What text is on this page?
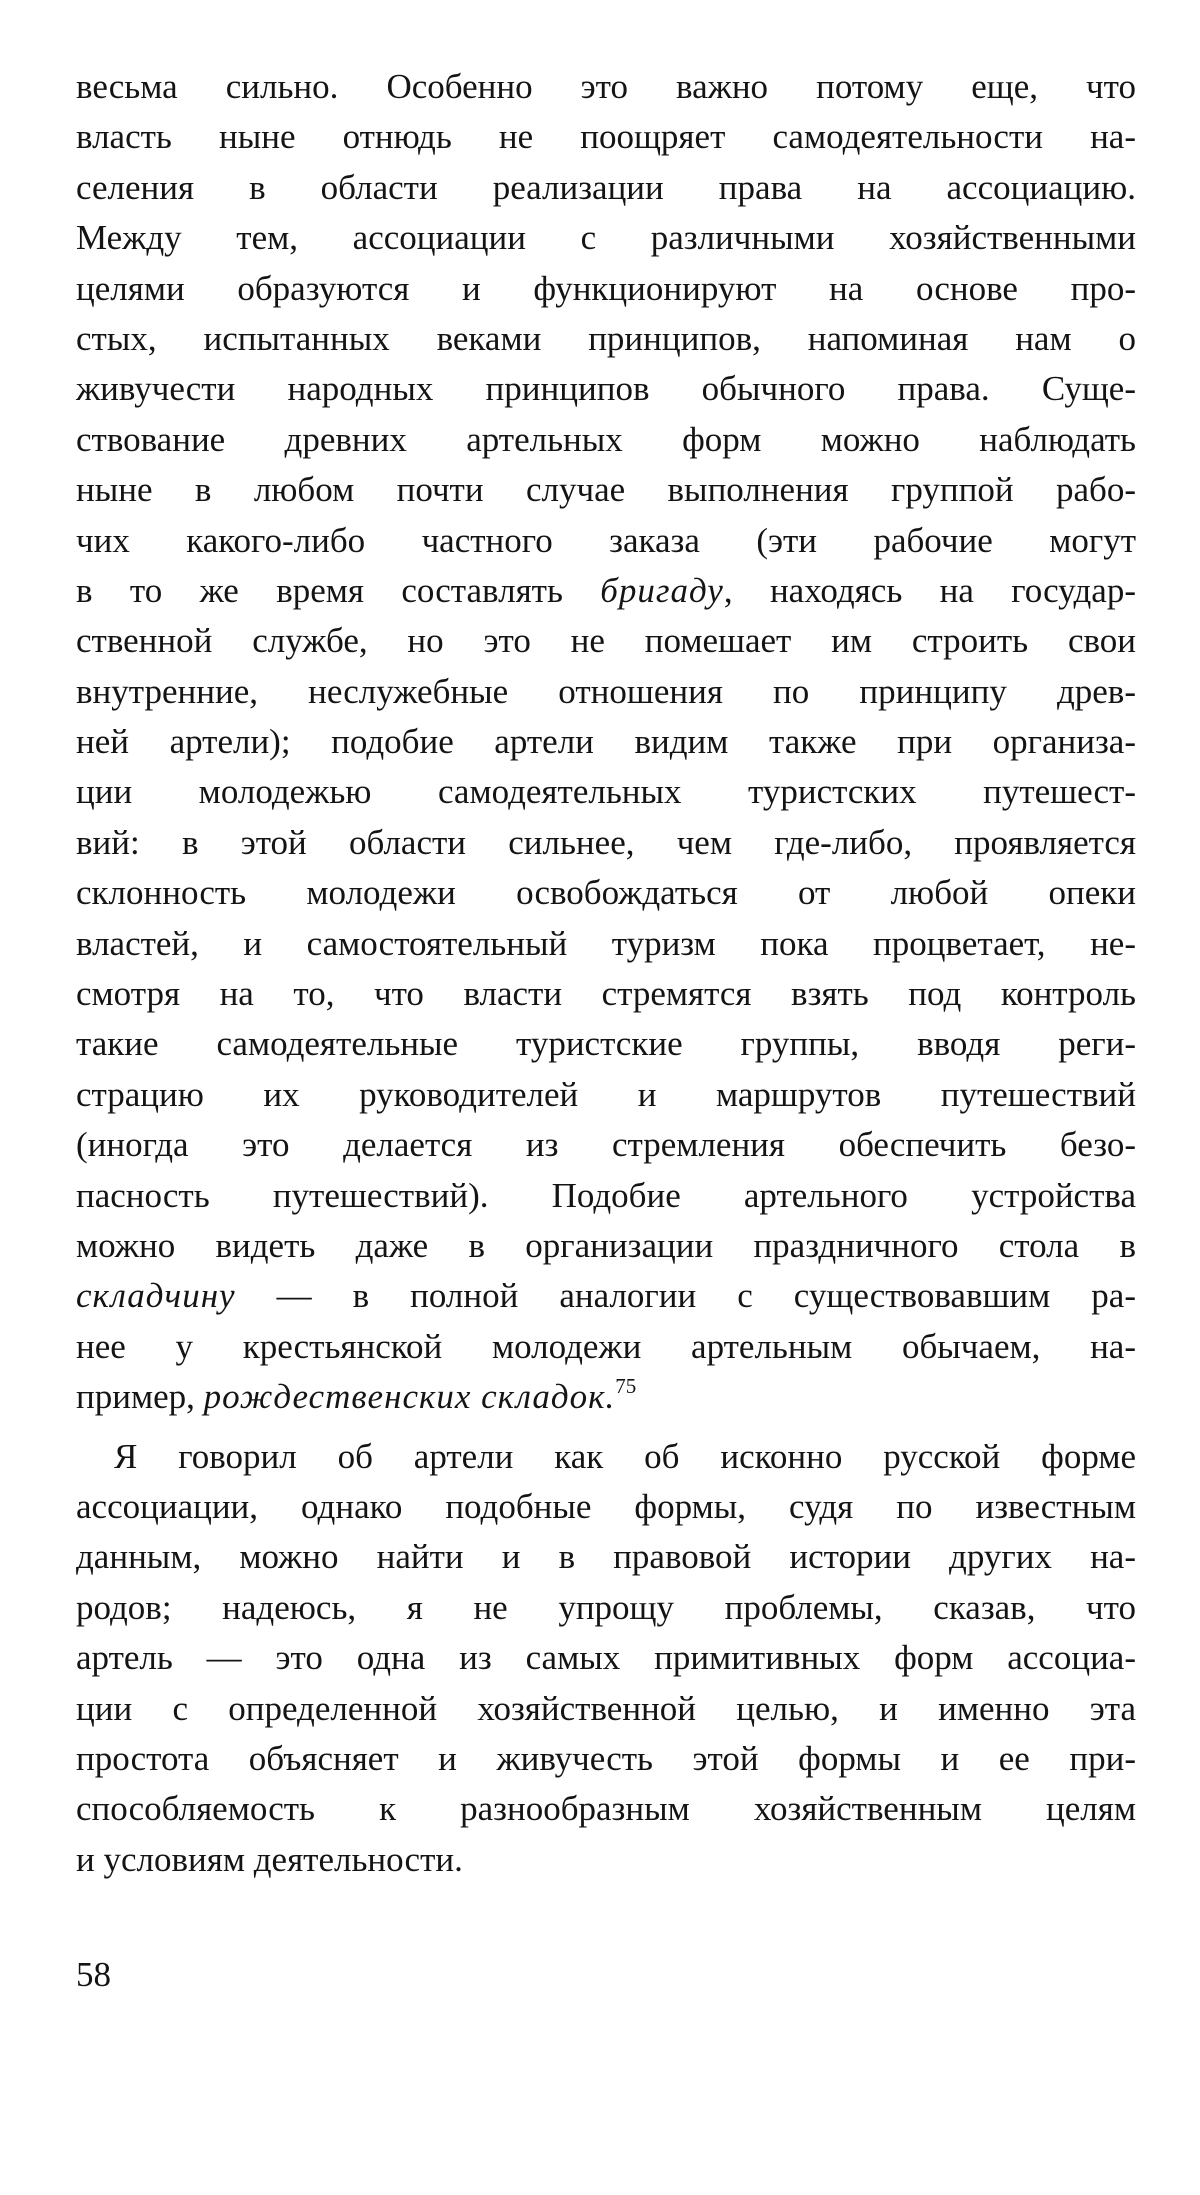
весьма сильно. Особенно это важно потому еще, что
власть ныне отнюдь не поощряет самодеятельности на-
селения в области реализации права на ассоциацию.
Между тем, ассоциации с различными хозяйственными
целями образуются и функционируют на основе про-
стых, испытанных веками принципов, напоминая нам о
живучести народных принципов обычного права. Суще-
ствование древних артельных форм можно наблюдать
ныне в любом почти случае выполнения группой рабо-
чих какого-либо частного заказа (эти рабочие могут
в то же время составлять бригаду, находясь на государ-
ственной службе, но это не помешает им строить свои
внутренние, неслужебные отношения по принципу древ-
ней артели); подобие артели видим также при организа-
ции молодежью самодеятельных туристских путешест-
вий: в этой области сильнее, чем где-либо, проявляется
склонность молодежи освобождаться от любой опеки
властей, и самостоятельный туризм пока процветает, не-
смотря на то, что власти стремятся взять под контроль
такие самодеятельные туристские группы, вводя реги-
страцию их руководителей и маршрутов путешествий
(иногда это делается из стремления обеспечить безо-
пасность путешествий). Подобие артельного устройства
можно видеть даже в организации праздничного стола в
складчину — в полной аналогии с существовавшим ра-
нее у крестьянской молодежи артельным обычаем, на-
пример, рождественских складок.$^{75}$
Я говорил об артели как об исконно русской форме
ассоциации, однако подобные формы, судя по известным
данным, можно найти и в правовой истории других на-
родов; надеюсь, я не упрощу проблемы, сказав, что
артель — это одна из самых примитивных форм ассоциа-
ции с определенной хозяйственной целью, и именно эта
простота объясняет и живучесть этой формы и ее при-
способляемость к разнообразным хозяйственным целям
и условиям деятельности.
58
